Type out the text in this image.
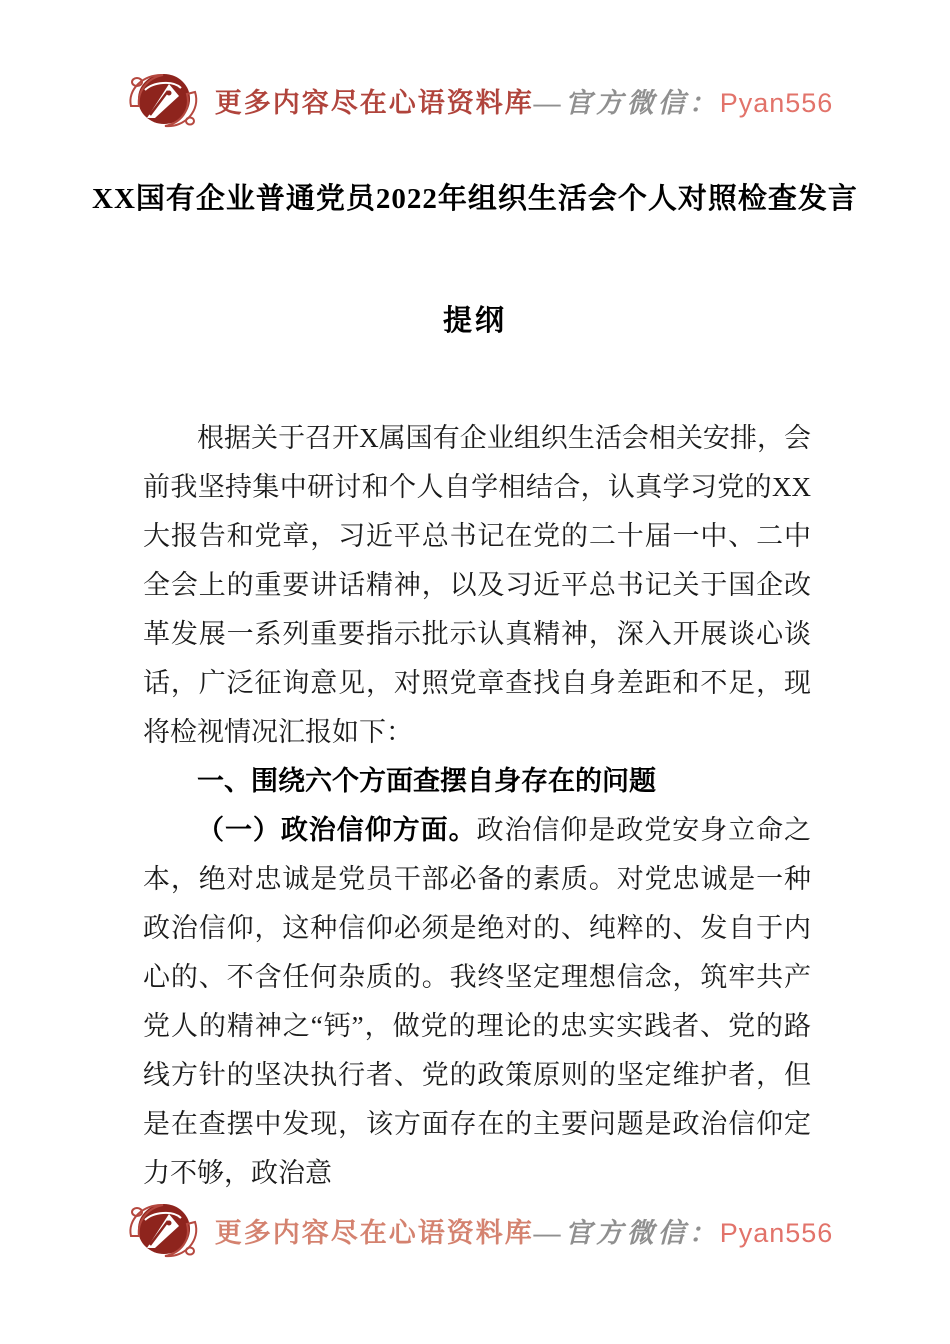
更多内容尽在心语资料库—官方微信：Pyan556
XX国有企业普通党员2022年组织生活会个人对照检查发言
提纲

根据关于召开X属国有企业组织生活会相关安排，会前我坚持集中研讨和个人自学相结合，认真学习党的XX大报告和党章，习近平总书记在党的二十届一中、二中全会上的重要讲话精神，以及习近平总书记关于国企改革发展一系列重要指示批示认真精神，深入开展谈心谈话，广泛征询意见，对照党章查找自身差距和不足，现将检视情况汇报如下：

一、围绕六个方面查摆自身存在的问题

（一）政治信仰方面。政治信仰是政党安身立命之本，绝对忠诚是党员干部必备的素质。对党忠诚是一种政治信仰，这种信仰必须是绝对的、纯粹的、发自于内心的、不含任何杂质的。我终坚定理想信念，筑牢共产党人的精神之“钙”，做党的理论的忠实实践者、党的路线方针的坚决执行者、党的政策原则的坚定维护者，但是在查摆中发现，该方面存在的主要问题是政治信仰定力不够，政治意

更多内容尽在心语资料库—官方微信：Pyan556
